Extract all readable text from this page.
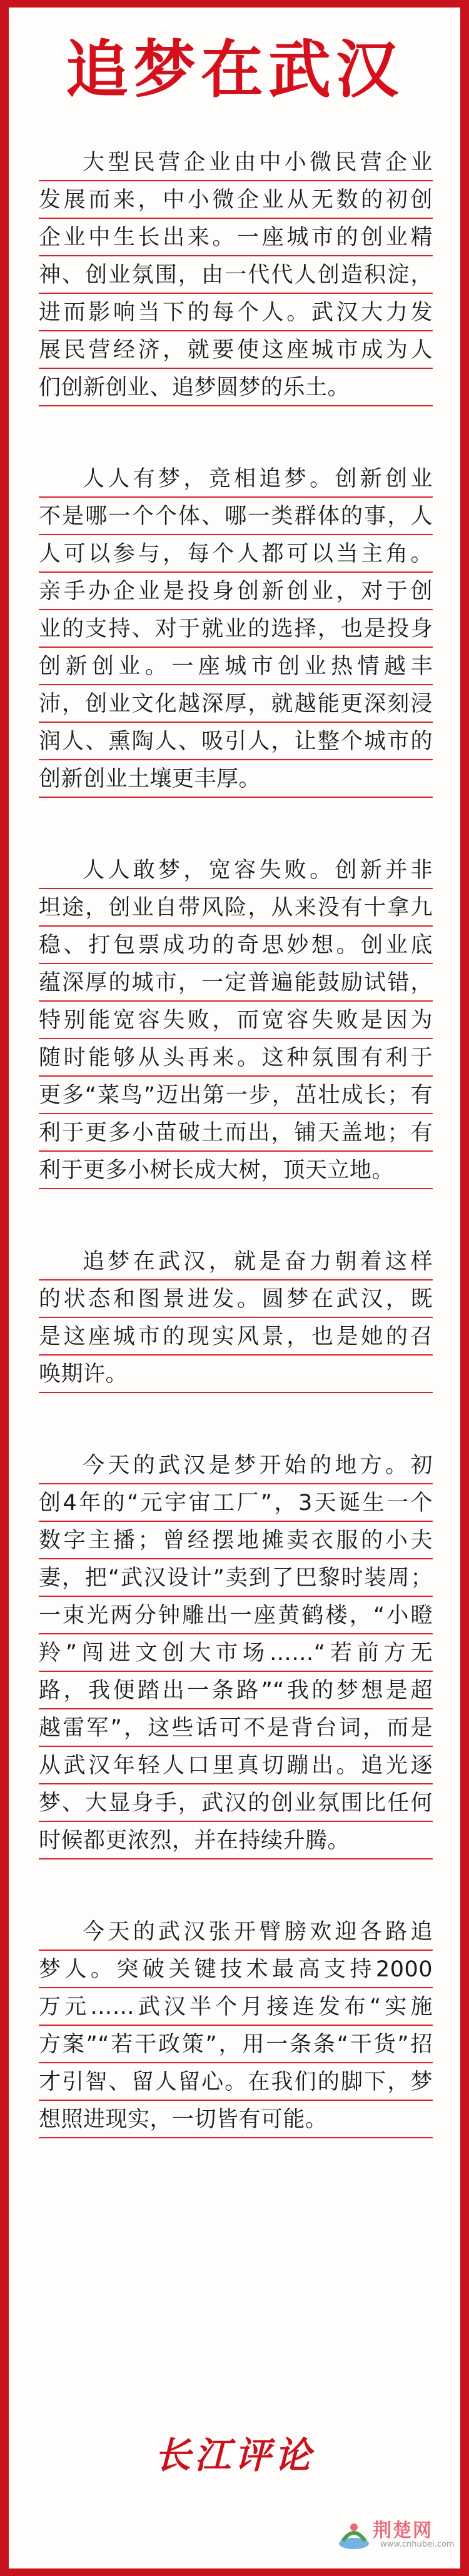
追梦在武汉
大型民营企业由中小微民营企业
发展而来，中小微企业从无数的初创
企业中生长出来。一座城市的创业精
神、创业氛围，由一代代人创造积淀，
进而影响当下的每个人。武汉大力发
展民营经济，就要使这座城市成为人
们创新创业、追梦圆梦的乐土。
人人有梦，竞相追梦。创新创业
不是哪一个个体、哪一类群体的事，人
人可以参与，每个人都可以当主角。
亲手办企业是投身创新创业，对于创
业的支持、对于就业的选择，也是投身
创新创业。一座城市创业热情越丰
沛，创业文化越深厚，就越能更深刻浸
润人、熏陶人、吸引人，让整个城市的
创新创业土壤更丰厚。
人人敢梦，宽容失败。创新并非
坦途，创业自带风险，从来没有十拿九
稳、打包票成功的奇思妙想。创业底
蕴深厚的城市，一定普遍能鼓励试错，
特别能宽容失败，而宽容失败是因为
随时能够从头再来。这种氛围有利于
更多“菜鸟”迈出第一步，茁壮成长；有
利于更多小苗破土而出，铺天盖地；有
利于更多小树长成大树，顶天立地。
追梦在武汉，就是奋力朝着这样
的状态和图景进发。圆梦在武汉，既
是这座城市的现实风景，也是她的召
唤期许。
今天的武汉是梦开始的地方。初
创4年的“元宇宙工厂”，3天诞生一个
数字主播；曾经摆地摊卖衣服的小夫
妻，把“武汉设计”卖到了巴黎时装周；
一束光两分钟雕出一座黄鹤楼，“小瞪
羚”闯进文创大市场……“若前方无
路，我便踏出一条路”“我的梦想是超
越雷军”，这些话可不是背台词，而是
从武汉年轻人口里真切蹦出。追光逐
梦、大显身手，武汉的创业氛围比任何
时候都更浓烈，并在持续升腾。
今天的武汉张开臂膀欢迎各路追
梦人。突破关键技术最高支持2000
万元……武汉半个月接连发布“实施
方案”“若干政策”，用一条条“干货”招
才引智、留人留心。在我们的脚下，梦
想照进现实，一切皆有可能。
长江评论
荆楚网
www.cnhubei.com
